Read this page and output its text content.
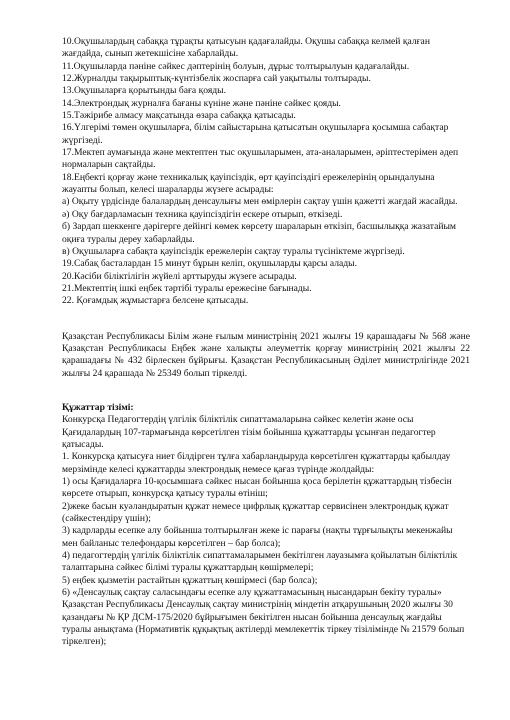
10.Оқушылардың сабаққа тұрақты қатысуын қадағалайды. Оқушы сабаққа келмей қалған жағдайда, сынып жетекшісіне хабарлайды.

11.Оқушыларда пәніне сәйкес дәптерінің болуын, дұрыс толтырылуын қадағалайды.

12.Журналды тақырыптық-күнтізбелік жоспарға сай уақытылы толтырады.

13.Оқушыларға қорытынды баға қояды.

14.Электрондық журналға бағаны күніне және пәніне сәйкес қояды.

15.Тәжірибе алмасу мақсатында өзара сабаққа қатысады.

16.Үлгерімі төмен оқушыларға, білім сайыстарына қатысатын оқушыларға қосымша сабақтар жүргізеді.

17.Мектеп аумағында және мектептен тыс оқушыларымен, ата-аналарымен, әріптестерімен әдеп нормаларын сақтайды.

18.Еңбекті қорғау және техникалық қауіпсіздік, өрт қауіпсіздігі ережелерінің орындалуына жауапты болып, келесі шараларды жүзеге асырады:

а) Оқыту үрдісінде балалардың денсаулығы мен өмірлерін сақтау үшін қажетті жағдай жасайды.

ә) Оқу бағдарламасын техника қауіпсіздігін ескере отырып, өткізеді.

б) Зардап шеккенге дәрігерге дейінгі көмек көрсету шараларын өткізіп, басшылыққа жазатайым оқиға туралы дереу хабарлайды.

в) Оқушыларға сабақта қауіпсіздік ережелерін сақтау туралы түсініктеме жүргізеді.

19.Сабақ басталардан 15 минут бұрын келіп, оқушыларды қарсы алады.

20.Кәсіби біліктілігін жүйелі арттыруды жүзеге асырады.

21.Мектептің ішкі еңбек тәртібі туралы ережесіне бағынады.

22. Қоғамдық жұмыстарға белсене қатысады.

Қазақстан Республикасы Білім және ғылым министрінің 2021 жылғы 19 қарашадағы № 568 және Қазақстан Республикасы Еңбек және халықты әлеуметтік қорғау министрінің 2021 жылғы 22 қарашадағы № 432 бірлескен бұйрығы. Қазақстан Республикасының Әділет министрлігінде 2021 жылғы 24 қарашада № 25349 болып тіркелді.

Құжаттар тізімі:

Конкурсқа Педагогтердің үлгілік біліктілік сипаттамаларына сәйкес келетін және осы Қағидалардың 107-тармағында көрсетілген тізім бойынша құжаттарды ұсынған педагогтер қатысады.

1. Конкурсқа қатысуға ниет білдірген тұлға хабарландыруда көрсетілген құжаттарды қабылдау мерзімінде келесі құжаттарды электрондық немесе қағаз түрінде жолдайды:

1) осы Қағидаларға 10-қосымшаға сәйкес нысан бойынша қоса берілетін құжаттардың тізбесін көрсете отырып, конкурсқа қатысу туралы өтініш;

2)жеке басын куәландыратын құжат немесе цифрлық құжаттар сервисінен электрондық құжат (сәйкестендіру үшін);

3) кадрларды есепке алу бойынша толтырылған жеке іс парағы (нақты тұрғылықты мекенжайы мен байланыс телефондары көрсетілген – бар болса);

4) педагогтердің үлгілік біліктілік сипаттамаларымен бекітілген лауазымға қойылатын біліктілік талаптарына сәйкес білімі туралы құжаттардың көшірмелері;

5) еңбек қызметін растайтын құжаттың көшірмесі (бар болса);

6) «Денсаулық сақтау саласындағы есепке алу құжаттамасының нысандарын бекіту туралы» Қазақстан Республикасы Денсаулық сақтау министрінің міндетін атқарушының 2020 жылғы 30 қазандағы № ҚР ДСМ-175/2020 бұйрығымен бекітілген нысан бойынша денсаулық жағдайы туралы анықтама (Нормативтік құқықтық актілерді мемлекеттік тіркеу тізілімінде № 21579 болып тіркелген);
